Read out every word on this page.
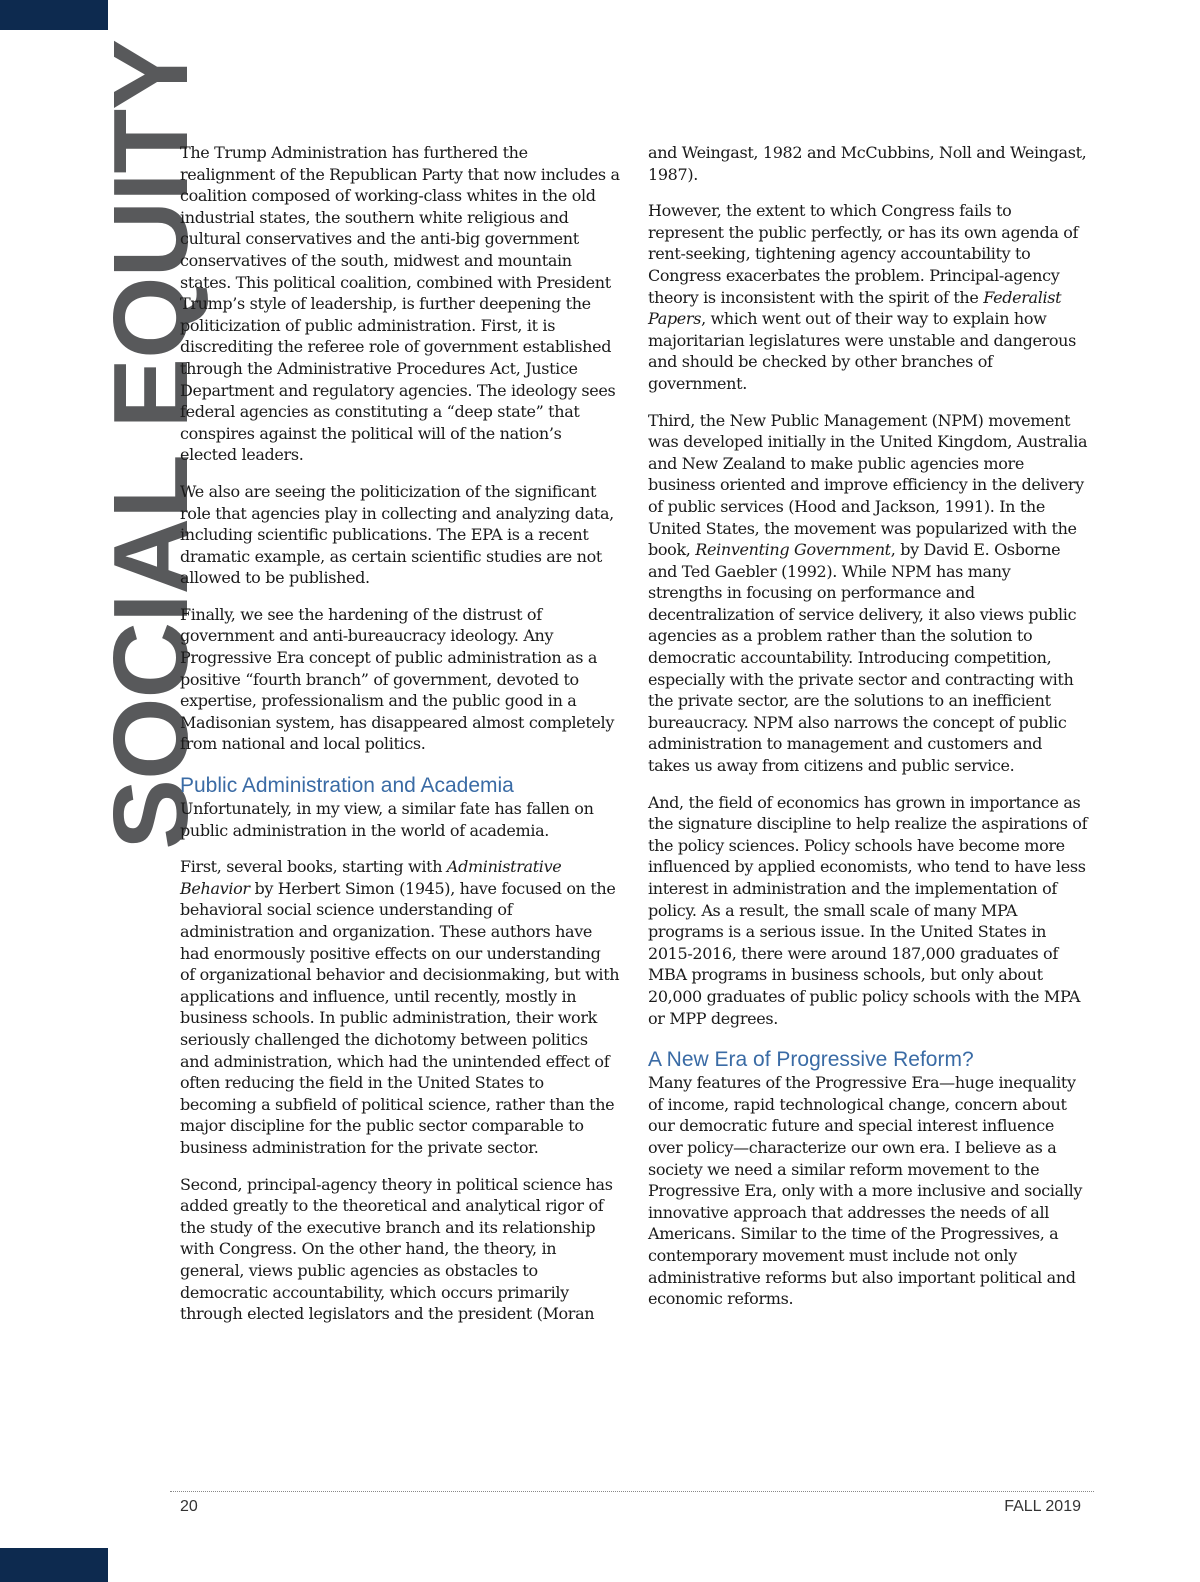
SOCIAL EQUITY

The Trump Administration has furthered the realignment of the Republican Party that now includes a coalition composed of working-class whites in the old industrial states, the southern white religious and cultural conservatives and the anti-big government conservatives of the south, midwest and mountain states. This political coalition, combined with President Trump’s style of leadership, is further deepening the politicization of public administration. First, it is discrediting the referee role of government established through the Administrative Procedures Act, Justice Department and regulatory agencies. The ideology sees federal agencies as constituting a “deep state” that conspires against the political will of the nation’s elected leaders.

We also are seeing the politicization of the significant role that agencies play in collecting and analyzing data, including scientific publications. The EPA is a recent dramatic example, as certain scientific studies are not allowed to be published.

Finally, we see the hardening of the distrust of government and anti-bureaucracy ideology. Any Progressive Era concept of public administration as a positive “fourth branch” of government, devoted to expertise, professionalism and the public good in a Madisonian system, has disappeared almost completely from national and local politics.

Public Administration and Academia

Unfortunately, in my view, a similar fate has fallen on public administration in the world of academia.

First, several books, starting with Administrative Behavior by Herbert Simon (1945), have focused on the behavioral social science understanding of administration and organization. These authors have had enormously positive effects on our understanding of organizational behavior and decisionmaking, but with applications and influence, until recently, mostly in business schools. In public administration, their work seriously challenged the dichotomy between politics and administration, which had the unintended effect of often reducing the field in the United States to becoming a subfield of political science, rather than the major discipline for the public sector comparable to business administration for the private sector.

Second, principal-agency theory in political science has added greatly to the theoretical and analytical rigor of the study of the executive branch and its relationship with Congress. On the other hand, the theory, in general, views public agencies as obstacles to democratic accountability, which occurs primarily through elected legislators and the president (Moran

and Weingast, 1982 and McCubbins, Noll and Weingast, 1987).

However, the extent to which Congress fails to represent the public perfectly, or has its own agenda of rent-seeking, tightening agency accountability to Congress exacerbates the problem. Principal-agency theory is inconsistent with the spirit of the Federalist Papers, which went out of their way to explain how majoritarian legislatures were unstable and dangerous and should be checked by other branches of government.

Third, the New Public Management (NPM) movement was developed initially in the United Kingdom, Australia and New Zealand to make public agencies more business oriented and improve efficiency in the delivery of public services (Hood and Jackson, 1991). In the United States, the movement was popularized with the book, Reinventing Government, by David E. Osborne and Ted Gaebler (1992). While NPM has many strengths in focusing on performance and decentralization of service delivery, it also views public agencies as a problem rather than the solution to democratic accountability. Introducing competition, especially with the private sector and contracting with the private sector, are the solutions to an inefficient bureaucracy. NPM also narrows the concept of public administration to management and customers and takes us away from citizens and public service.

And, the field of economics has grown in importance as the signature discipline to help realize the aspirations of the policy sciences. Policy schools have become more influenced by applied economists, who tend to have less interest in administration and the implementation of policy. As a result, the small scale of many MPA programs is a serious issue. In the United States in 2015-2016, there were around 187,000 graduates of MBA programs in business schools, but only about 20,000 graduates of public policy schools with the MPA or MPP degrees.

A New Era of Progressive Reform?

Many features of the Progressive Era—huge inequality of income, rapid technological change, concern about our democratic future and special interest influence over policy—characterize our own era. I believe as a society we need a similar reform movement to the Progressive Era, only with a more inclusive and socially innovative approach that addresses the needs of all Americans. Similar to the time of the Progressives, a contemporary movement must include not only administrative reforms but also important political and economic reforms.

20	FALL 2019
